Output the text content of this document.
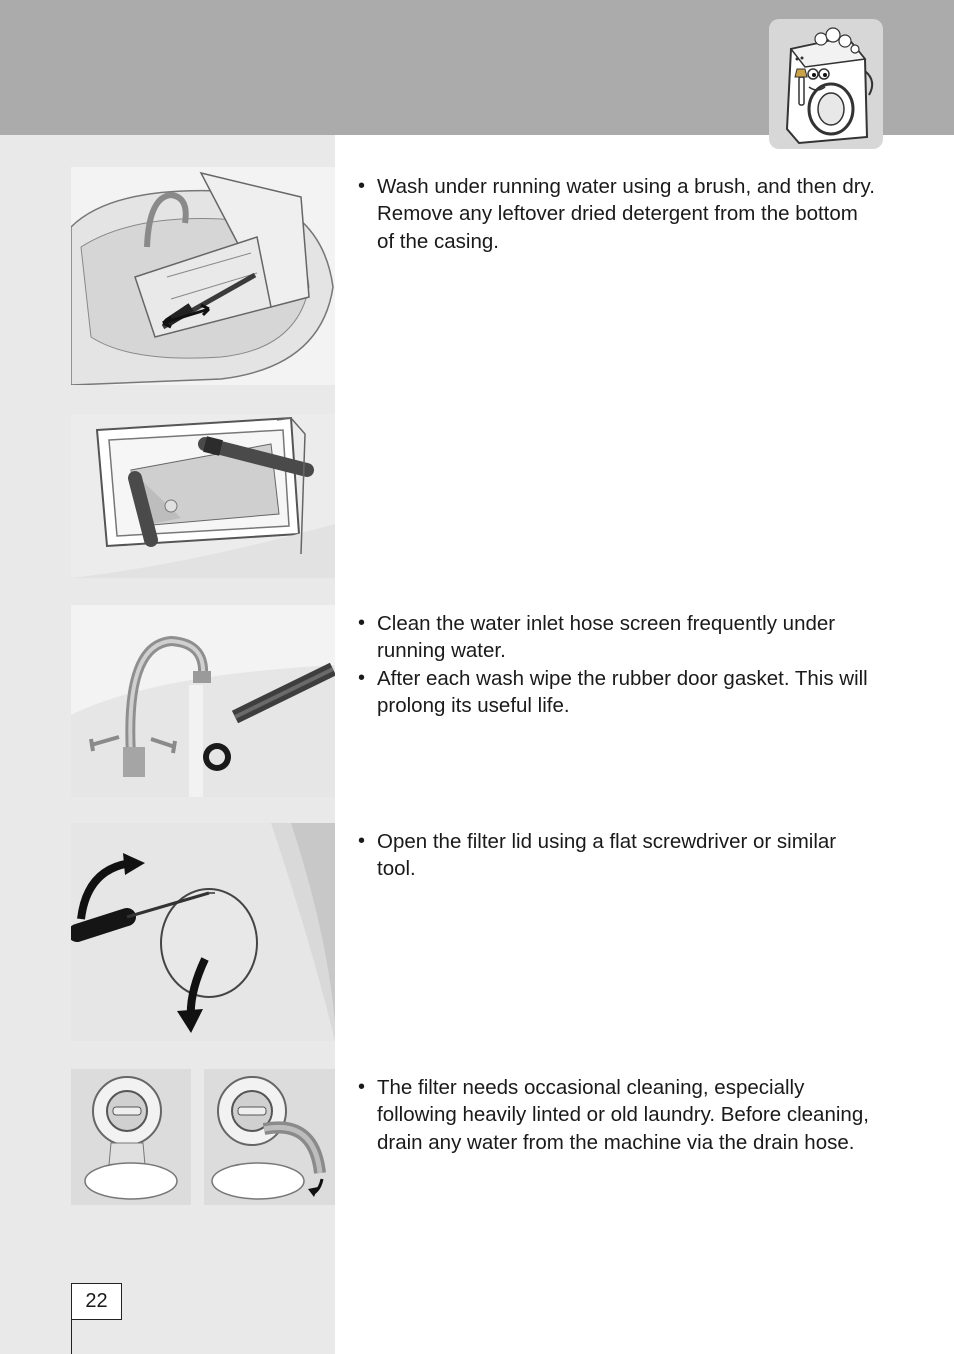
• Wash under running water using a brush, and then dry. Remove any leftover dried detergent from the bottom of the casing.
• Clean the water inlet hose screen frequently under running water.
• After each wash wipe the rubber door gasket. This will prolong its useful life.
• Open the filter lid using a flat screwdriver or similar tool.
• The filter needs occasional cleaning, especially following heavily linted or old laundry. Before cleaning, drain any water from the machine via the drain hose.
22
